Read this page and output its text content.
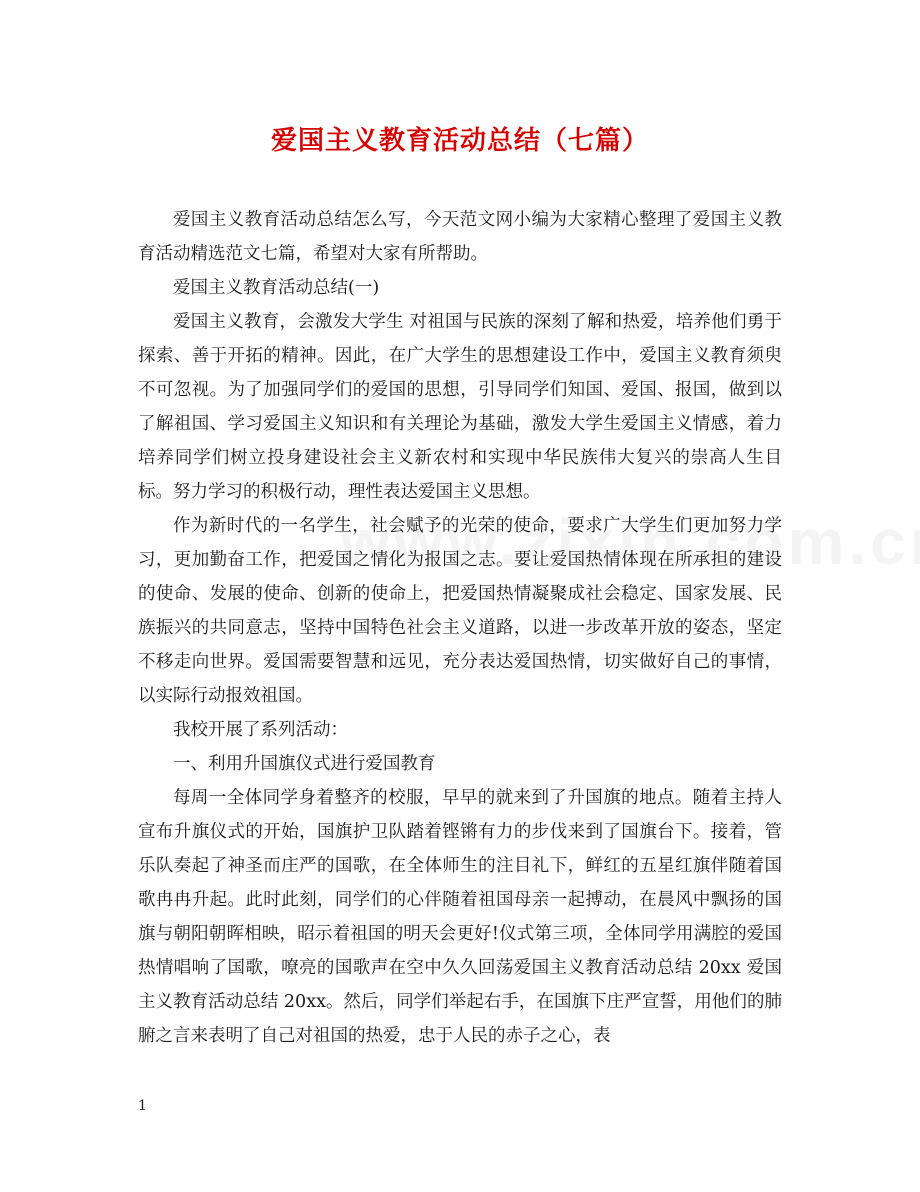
爱国主义教育活动总结（七篇）

爱国主义教育活动总结怎么写，今天范文网小编为大家精心整理了爱国主义教育活动精选范文七篇，希望对大家有所帮助。

爱国主义教育活动总结(一)

爱国主义教育，会激发大学生 对祖国与民族的深刻了解和热爱，培养他们勇于探索、善于开拓的精神。因此，在广大学生的思想建设工作中，爱国主义教育须臾不可忽视。为了加强同学们的爱国的思想，引导同学们知国、爱国、报国，做到以了解祖国、学习爱国主义知识和有关理论为基础，激发大学生爱国主义情感，着力培养同学们树立投身建设社会主义新农村和实现中华民族伟大复兴的崇高人生目标。努力学习的积极行动，理性表达爱国主义思想。

作为新时代的一名学生，社会赋予的光荣的使命，要求广大学生们更加努力学习，更加勤奋工作，把爱国之情化为报国之志。要让爱国热情体现在所承担的建设的使命、发展的使命、创新的使命上，把爱国热情凝聚成社会稳定、国家发展、民族振兴的共同意志，坚持中国特色社会主义道路，以进一步改革开放的姿态，坚定不移走向世界。爱国需要智慧和远见，充分表达爱国热情，切实做好自己的事情，以实际行动报效祖国。

我校开展了系列活动：

一、利用升国旗仪式进行爱国教育

每周一全体同学身着整齐的校服，早早的就来到了升国旗的地点。随着主持人宣布升旗仪式的开始，国旗护卫队踏着铿锵有力的步伐来到了国旗台下。接着，管乐队奏起了神圣而庄严的国歌，在全体师生的注目礼下，鲜红的五星红旗伴随着国歌冉冉升起。此时此刻，同学们的心伴随着祖国母亲一起搏动，在晨风中飘扬的国旗与朝阳朝晖相映，昭示着祖国的明天会更好!仪式第三项，全体同学用满腔的爱国热情唱响了国歌，嘹亮的国歌声在空中久久回荡爱国主义教育活动总结 20xx 爱国主义教育活动总结 20xx。然后，同学们举起右手，在国旗下庄严宣誓，用他们的肺腑之言来表明了自己对祖国的热爱，忠于人民的赤子之心，表

1
